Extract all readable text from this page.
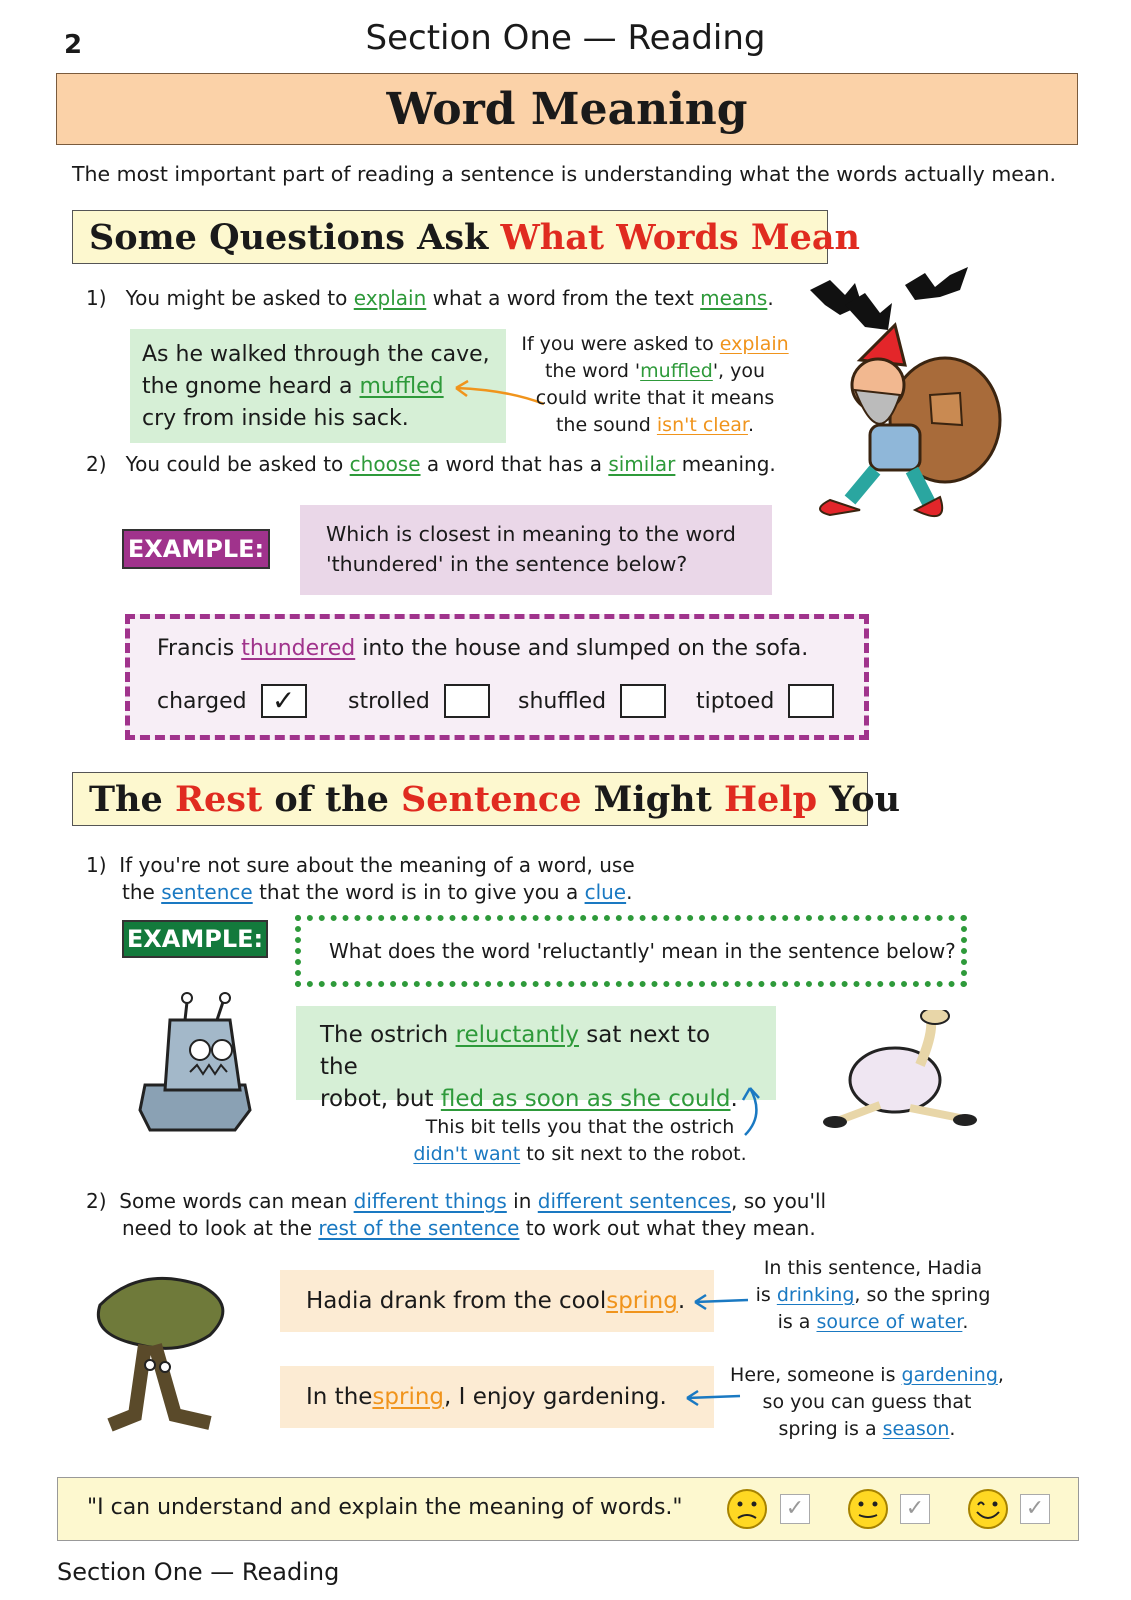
2	Section One — Reading
Word Meaning
The most important part of reading a sentence is understanding what the words actually mean.
Some Questions Ask What Words Mean
1) You might be asked to explain what a word from the text means.
As he walked through the cave,
the gnome heard a muffled
cry from inside his sack.
If you were asked to explain
the word 'muffled', you
could write that it means
the sound isn't clear.
2) You could be asked to choose a word that has a similar meaning.
EXAMPLE:
Which is closest in meaning to the word
'thundered' in the sentence below?
Francis thundered into the house and slumped on the sofa.
charged ✓	strolled	shuffled	tiptoed
The Rest of the Sentence Might Help You
1) If you're not sure about the meaning of a word, use
the sentence that the word is in to give you a clue.
EXAMPLE:	What does the word 'reluctantly' mean in the sentence below?
The ostrich reluctantly sat next to the
robot, but fled as soon as she could.
This bit tells you that the ostrich
didn't want to sit next to the robot.
2) Some words can mean different things in different sentences, so you'll
need to look at the rest of the sentence to work out what they mean.
Hadia drank from the cool spring .
In this sentence, Hadia
is drinking, so the spring
is a source of water.
In the spring , I enjoy gardening.
Here, someone is gardening,
so you can guess that
spring is a season.
"I can understand and explain the meaning of words."	✓	✓	✓
Section One — Reading
